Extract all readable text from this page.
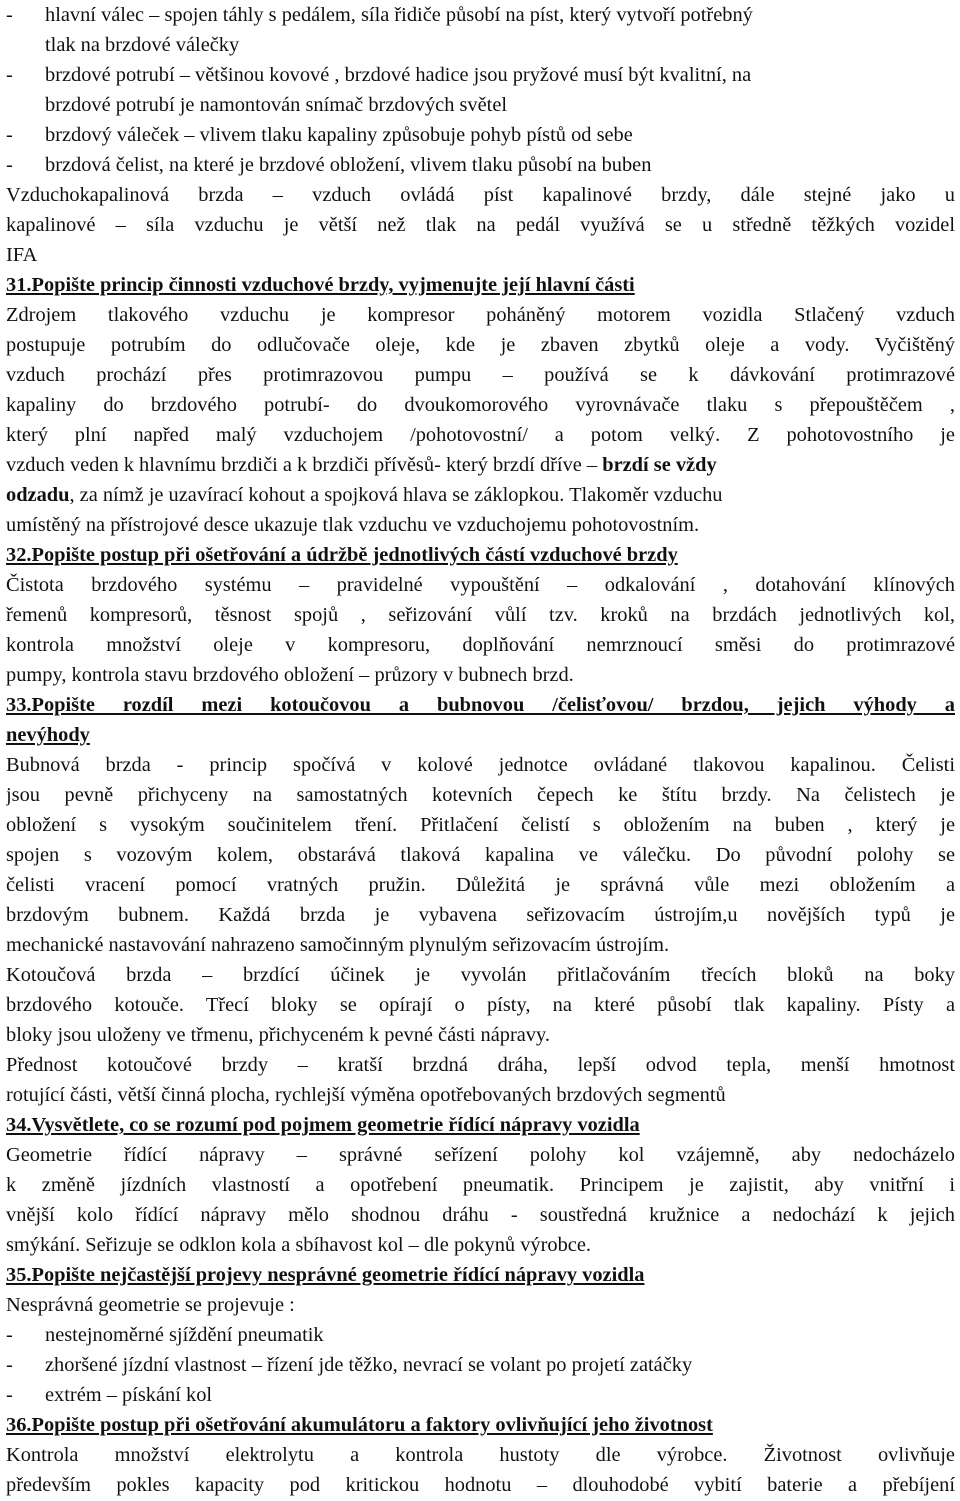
-	hlavní válec – spojen táhly s pedálem, síla řidiče působí na píst, který vytvoří potřebný
tlak na brzdové válečky
-	brzdové potrubí – většinou kovové , brzdové hadice jsou pryžové musí být kvalitní, na
brzdové potrubí je namontován snímač brzdových světel
-	brzdový váleček – vlivem tlaku kapaliny způsobuje pohyb pístů od sebe
-	brzdová čelist, na které je brzdové obložení, vlivem tlaku působí na buben
Vzduchokapalinová brzda – vzduch ovládá píst kapalinové brzdy, dále stejné jako u
kapalinové – síla vzduchu je větší než tlak na pedál využívá se u středně těžkých vozidel
IFA
31.Popište princip činnosti vzduchové brzdy, vyjmenujte její hlavní části
Zdrojem tlakového vzduchu je kompresor poháněný motorem vozidla Stlačený vzduch
postupuje potrubím do odlučovače oleje, kde je zbaven zbytků oleje a vody. Vyčištěný
vzduch prochází přes protimrazovou pumpu – používá se k dávkování protimrazové
kapaliny do brzdového potrubí- do dvoukomorového vyrovnávače tlaku s přepouštěčem ,
který plní napřed malý vzduchojem /pohotovostní/ a potom velký. Z pohotovostního je
vzduch veden k hlavnímu brzdiči a k brzdiči přívěsů- který brzdí dříve – brzdí se vždy
odzadu, za nímž je uzavírací kohout a spojková hlava se záklopkou. Tlakoměr vzduchu
umístěný na přístrojové desce ukazuje tlak vzduchu ve vzduchojemu pohotovostním.
32.Popište postup při ošetřování a údržbě jednotlivých částí vzduchové brzdy
Čistota brzdového systému – pravidelné vypouštění – odkalování , dotahování klínových
řemenů kompresorů, těsnost spojů , seřizování vůlí tzv. kroků na brzdách jednotlivých kol,
kontrola množství oleje v kompresoru, doplňování nemrznoucí směsi do protimrazové
pumpy, kontrola stavu brzdového obložení – průzory v bubnech brzd.
33.Popište rozdíl mezi kotoučovou a bubnovou /čelisťovou/ brzdou, jejich výhody a
nevýhody
Bubnová brzda - princip spočívá v kolové jednotce ovládané tlakovou kapalinou. Čelisti
jsou pevně přichyceny na samostatných kotevních čepech ke štítu brzdy. Na čelistech je
obložení s vysokým součinitelem tření. Přitlačení čelistí s obložením na buben , který je
spojen s vozovým kolem, obstarává tlaková kapalina ve válečku. Do původní polohy se
čelisti vracení pomocí vratných pružin. Důležitá je správná vůle mezi obložením a
brzdovým bubnem. Každá brzda je vybavena seřizovacím ústrojím,u novějších typů je
mechanické nastavování nahrazeno samočinným plynulým seřizovacím ústrojím.
Kotoučová brzda – brzdící účinek je vyvolán přitlačováním třecích bloků na boky
brzdového kotouče. Třecí bloky se opírají o písty, na které působí tlak kapaliny. Písty a
bloky jsou uloženy ve třmenu, přichyceném k pevné části nápravy.
Přednost kotoučové brzdy – kratší brzdná dráha, lepší odvod tepla, menší hmotnost
rotující části, větší činná plocha, rychlejší výměna opotřebovaných brzdových segmentů
34.Vysvětlete, co se rozumí pod pojmem geometrie řídící nápravy vozidla
Geometrie řídící nápravy – správné seřízení polohy kol vzájemně, aby nedocházelo
k změně jízdních vlastností a opotřebení pneumatik. Principem je zajistit, aby vnitřní i
vnější kolo řídící nápravy mělo shodnou dráhu - soustředná kružnice a nedochází k jejich
smýkání. Seřizuje se odklon kola a sbíhavost kol – dle pokynů výrobce.
35.Popište nejčastější projevy nesprávné geometrie řídící nápravy vozidla
Nesprávná geometrie se projevuje :
-	nestejnoměrné sjíždění pneumatik
-	zhoršené jízdní vlastnost – řízení jde těžko, nevrací se volant po projetí zatáčky
-	extrém – pískání kol
36.Popište postup při ošetřování akumulátoru a faktory ovlivňující jeho životnost
Kontrola množství elektrolytu a kontrola hustoty dle výrobce. Životnost ovlivňuje
především pokles kapacity pod kritickou hodnotu – dlouhodobé vybití baterie a přebíjení
